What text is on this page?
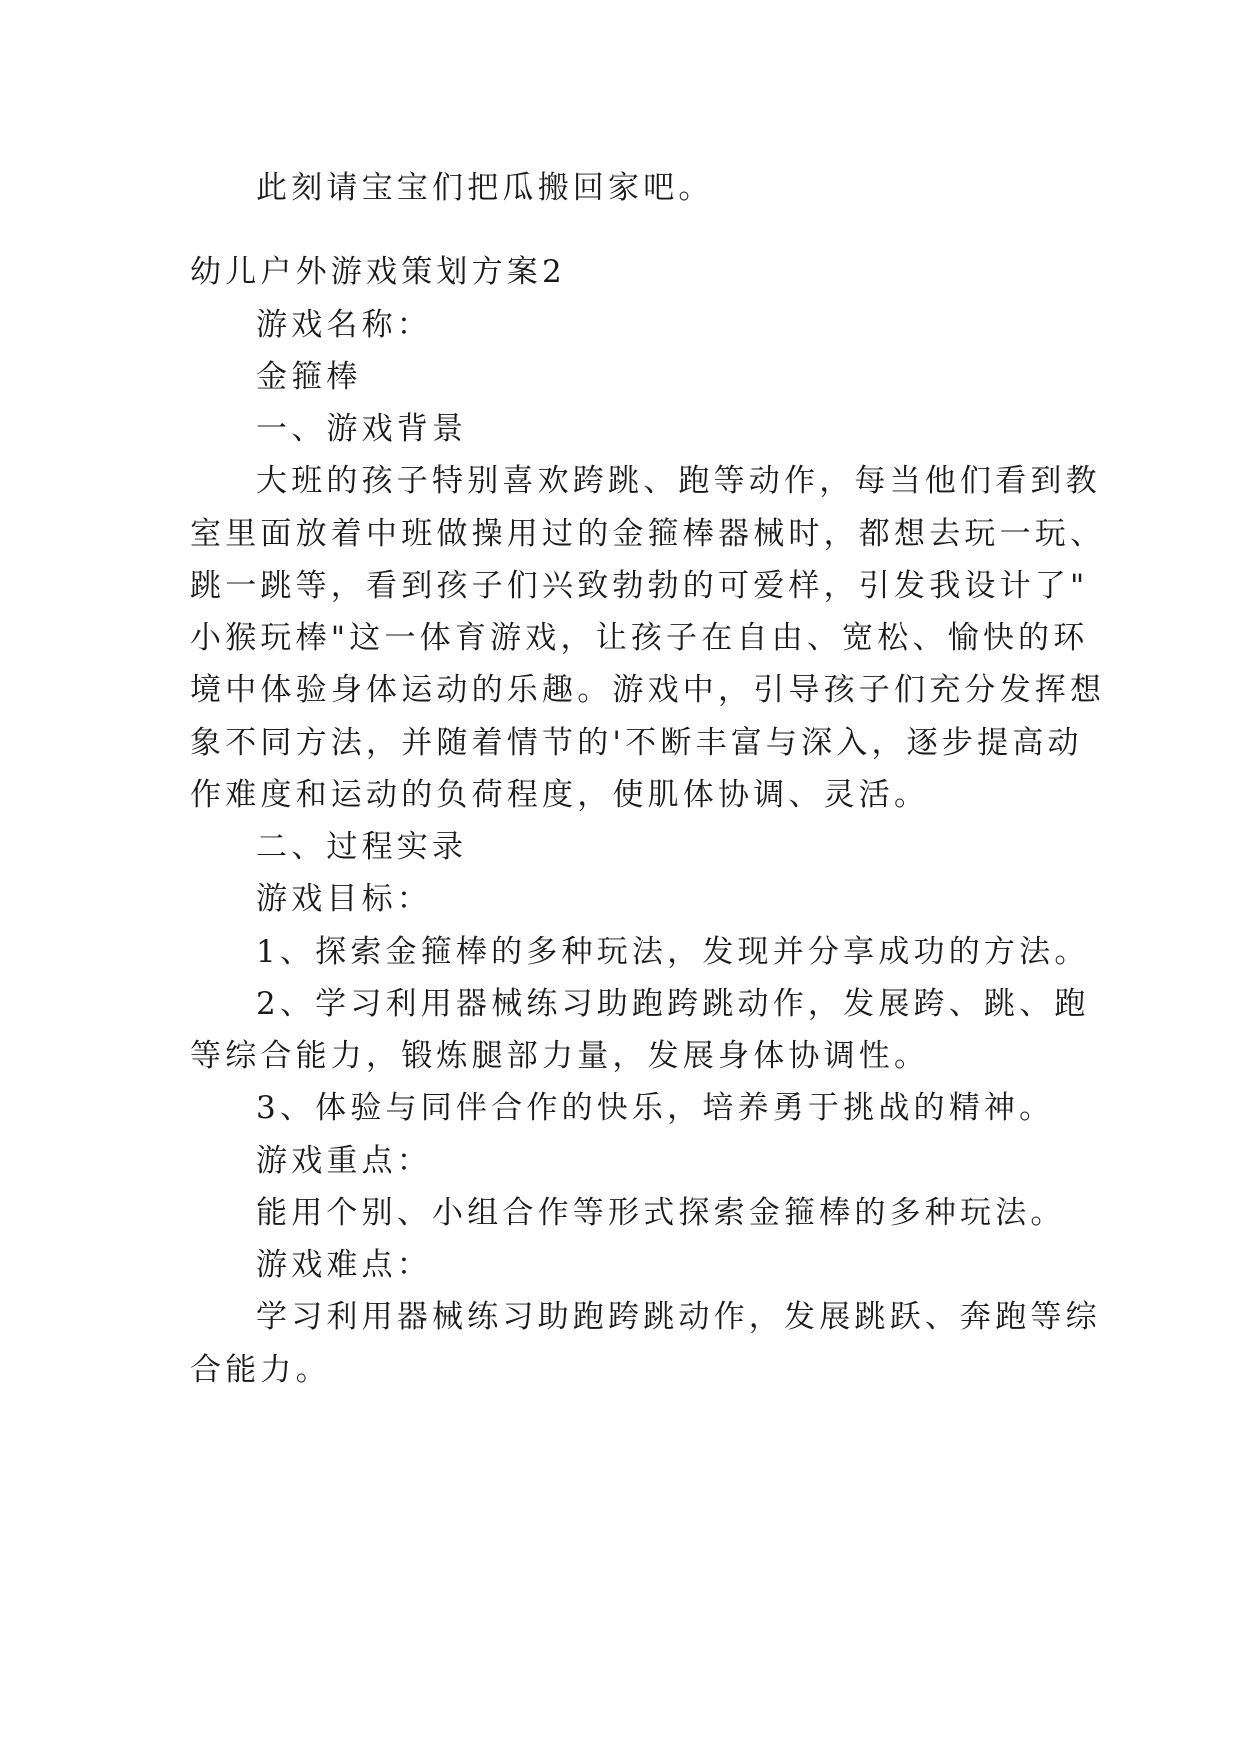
此刻请宝宝们把瓜搬回家吧。

幼儿户外游戏策划方案2

游戏名称：

金箍棒

一、游戏背景

大班的孩子特别喜欢跨跳、跑等动作，每当他们看到教

室里面放着中班做操用过的金箍棒器械时，都想去玩一玩、

跳一跳等，看到孩子们兴致勃勃的可爱样，引发我设计了"

小猴玩棒"这一体育游戏，让孩子在自由、宽松、愉快的环

境中体验身体运动的乐趣。游戏中，引导孩子们充分发挥想

象不同方法，并随着情节的'不断丰富与深入，逐步提高动

作难度和运动的负荷程度，使肌体协调、灵活。

二、过程实录

游戏目标：

1、探索金箍棒的多种玩法，发现并分享成功的方法。

2、学习利用器械练习助跑跨跳动作，发展跨、跳、跑

等综合能力，锻炼腿部力量，发展身体协调性。

3、体验与同伴合作的快乐，培养勇于挑战的精神。

游戏重点：

能用个别、小组合作等形式探索金箍棒的多种玩法。

游戏难点：

学习利用器械练习助跑跨跳动作，发展跳跃、奔跑等综

合能力。
